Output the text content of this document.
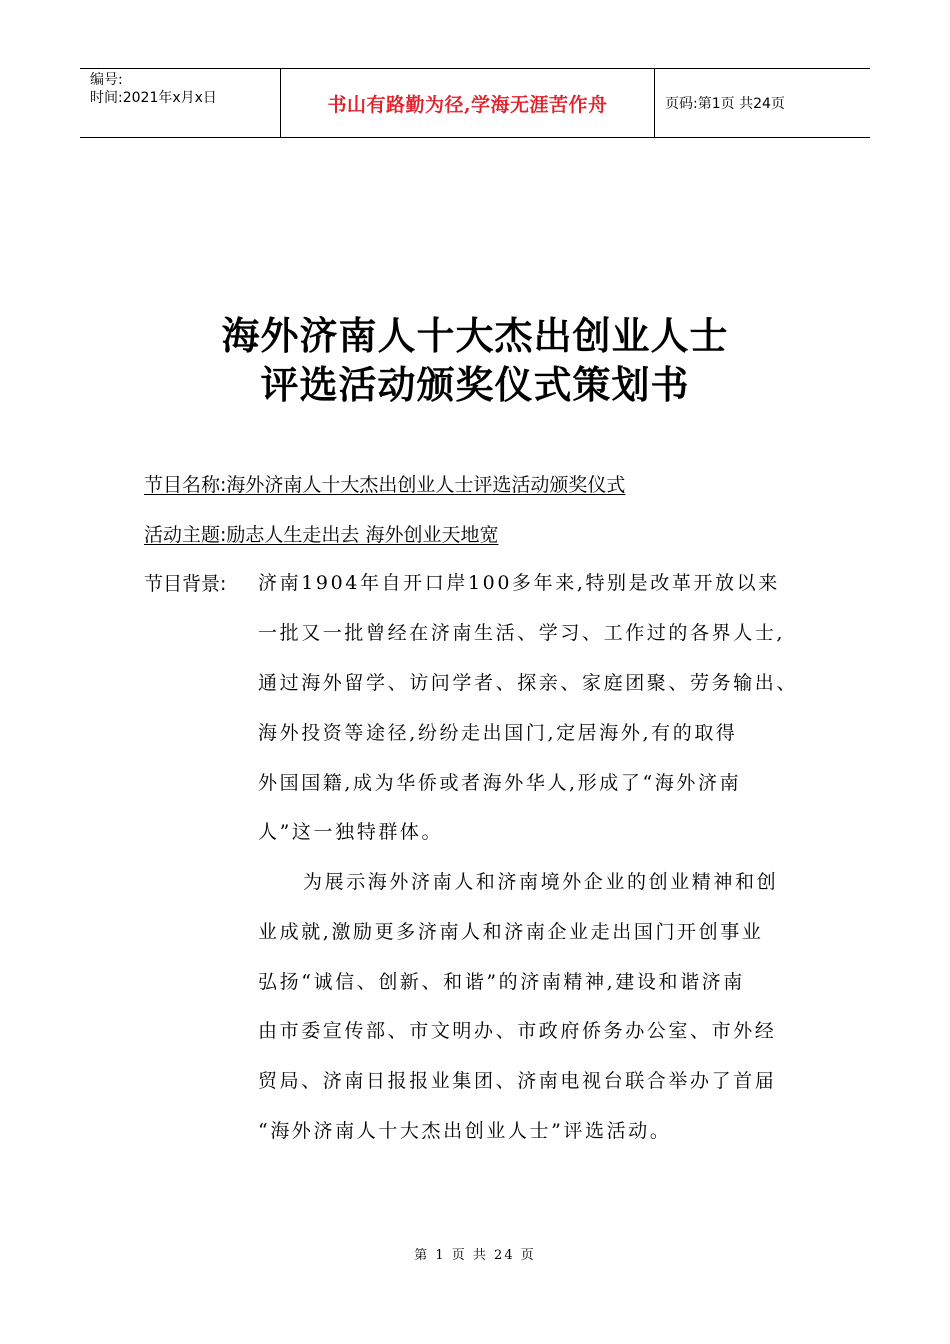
编号:
时间:2021年x月x日	书山有路勤为径,学海无涯苦作舟	页码:第1页 共24页
海外济南人十大杰出创业人士
评选活动颁奖仪式策划书
节目名称:海外济南人十大杰出创业人士评选活动颁奖仪式
活动主题:励志人生走出去 海外创业天地宽
节目背景: 济南1904年自开口岸100多年来,特别是改革开放以来
一批又一批曾经在济南生活、学习、工作过的各界人士,
通过海外留学、访问学者、探亲、家庭团聚、劳务输出、
海外投资等途径,纷纷走出国门,定居海外,有的取得
外国国籍,成为华侨或者海外华人,形成了“海外济南
人”这一独特群体。
为展示海外济南人和济南境外企业的创业精神和创
业成就,激励更多济南人和济南企业走出国门开创事业
弘扬“诚信、创新、和谐”的济南精神,建设和谐济南
由市委宣传部、市文明办、市政府侨务办公室、市外经
贸局、济南日报报业集团、济南电视台联合举办了首届
“海外济南人十大杰出创业人士”评选活动。
第 1 页 共 24 页
